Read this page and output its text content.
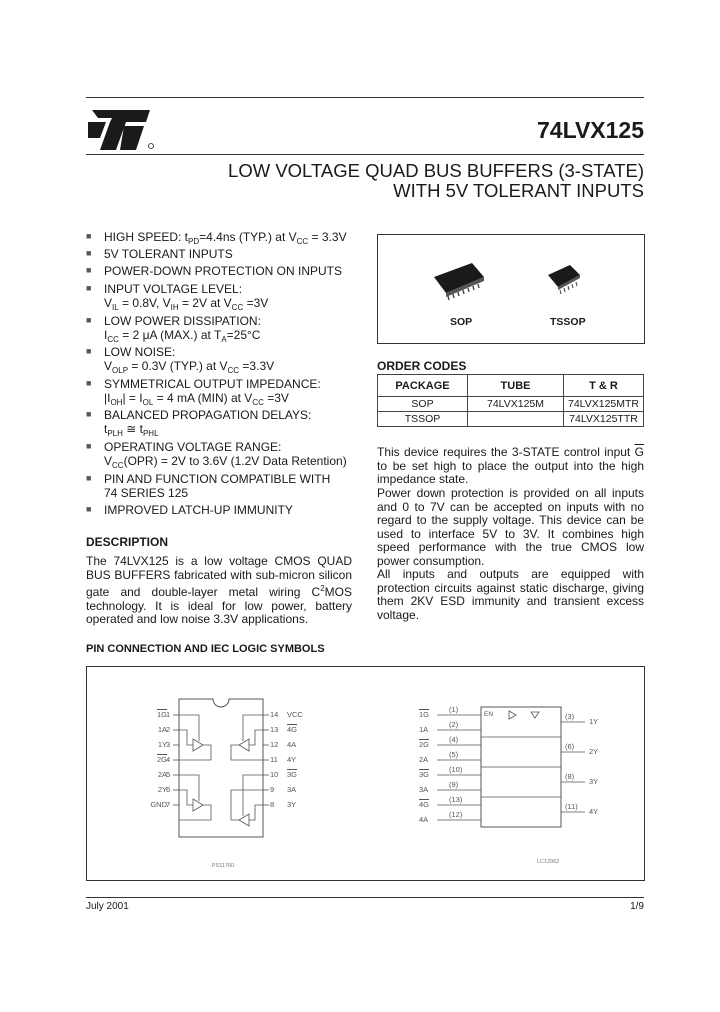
ST
74LVX125
LOW VOLTAGE QUAD BUS BUFFERS (3-STATE)
WITH 5V TOLERANT INPUTS
■ HIGH SPEED: $t_{PD}=4.4ns$ (TYP.) at $V_{CC} = 3.3V$
■ 5V TOLERANT INPUTS
■ POWER-DOWN PROTECTION ON INPUTS
■ INPUT VOLTAGE LEVEL:
$V_{IL} = 0.8V$, $V_{IH} = 2V$ at $V_{CC} =3V$
■ LOW POWER DISSIPATION:
$I_{CC} = 2$ μA (MAX.) at $T_A=25^\circ C$
■ LOW NOISE:
$V_{OLP} = 0.3V$ (TYP.) at $V_{CC} =3.3V$
■ SYMMETRICAL OUTPUT IMPEDANCE:
$|I_{OH}| = I_{OL} = 4$ mA (MIN) at $V_{CC} =3V$
■ BALANCED PROPAGATION DELAYS:
$t_{PLH}$ ≅ $t_{PHL}$
■ OPERATING VOLTAGE RANGE:
$V_{CC}(OPR) = 2V$ to 3.6V (1.2V Data Retention)
■ PIN AND FUNCTION COMPATIBLE WITH
74 SERIES 125
■ IMPROVED LATCH-UP IMMUNITY
DESCRIPTION
The 74LVX125 is a low voltage CMOS QUAD BUS BUFFERS fabricated with sub-micron silicon gate and double-layer metal wiring $C^2MOS$ technology. It is ideal for low power, battery operated and low noise 3.3V applications.
SOP	TSSOP
ORDER CODES
PACKAGE	TUBE	T & R
SOP	74LVX125M	74LVX125MTR
TSSOP		74LVX125TTR
This device requires the 3-STATE control input $\overline{G}$ to be set high to place the output into the high impedance state.
Power down protection is provided on all inputs and 0 to 7V can be accepted on inputs with no regard to the supply voltage. This device can be used to interface 5V to 3V. It combines high speed performance with the true CMOS low power consumption.
All inputs and outputs are equipped with protection circuits against static discharge, giving them 2KV ESD immunity and transient excess voltage.
PIN CONNECTION AND IEC LOGIC SYMBOLS
PS11760
EN
LC12962
1G 1
1A 2
1Y 3
2G 4
2A 5
2Y 6
GND 7
14 VCC
13 4G
12 4A
11 4Y
10 3G
9 3A
8 3Y
1G
(1)
1A
(2)
2G
(4)
2A
(5)
3G
(10)
3A
(9)
4G
(13)
4A
(12)
(3)
1Y
(6)
2Y
(8)
3Y
(11)
4Y
July 2001	1/9
